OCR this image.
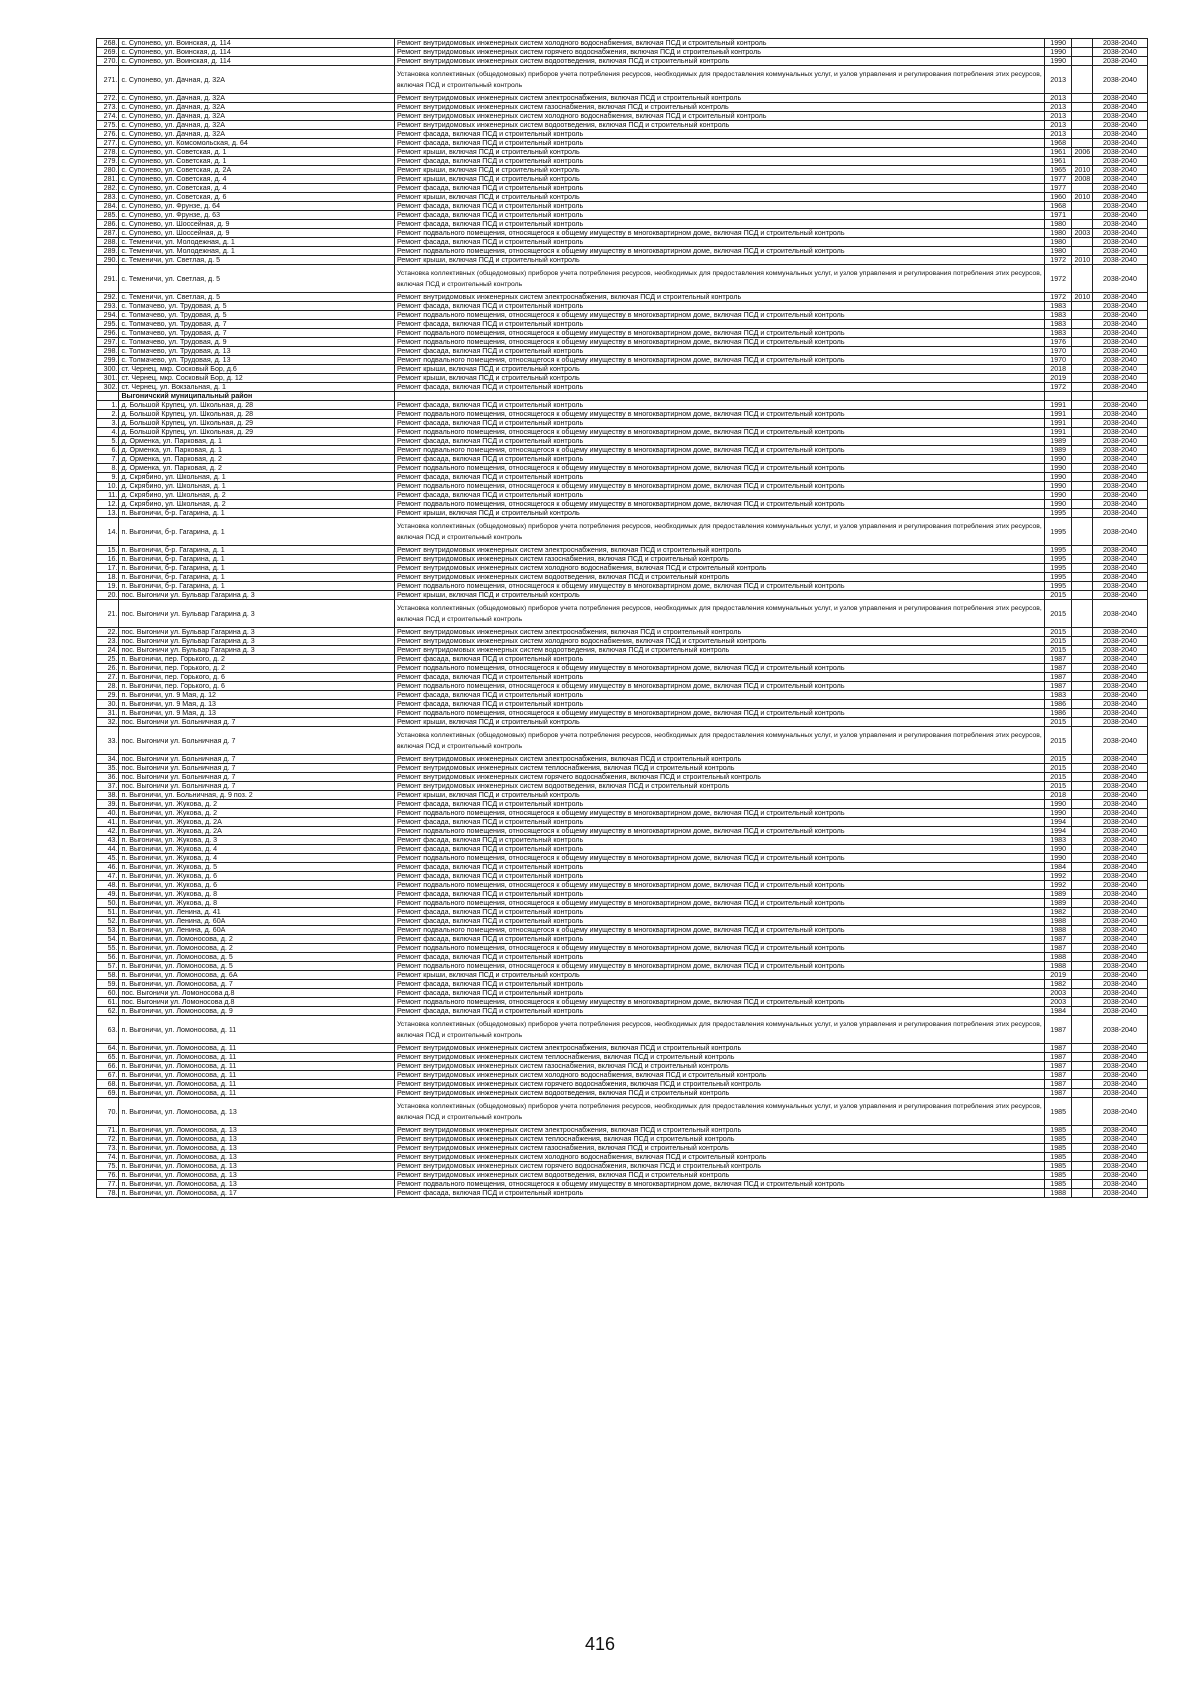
268.	с. Супонево, ул. Воинская, д. 114	Ремонт внутридомовых инженерных систем холодного водоснабжения, включая ПСД и строительный контроль	1990		2038-2040
269.	с. Супонево, ул. Воинская, д. 114	Ремонт внутридомовых инженерных систем горячего водоснабжения, включая ПСД и строительный контроль	1990		2038-2040
270.	с. Супонево, ул. Воинская, д. 114	Ремонт внутридомовых инженерных систем водоотведения, включая ПСД и строительный контроль	1990		2038-2040
271.	с. Супонево, ул. Дачная, д. 32А	Установка коллективных (общедомовых) приборов учета потребления ресурсов, необходимых для предоставления коммунальных услуг, и узлов управления и регулирования потребления этих ресурсов, включая ПСД и строительный контроль	2013		2038-2040
272.	с. Супонево, ул. Дачная, д. 32А	Ремонт внутридомовых инженерных систем электроснабжения, включая ПСД и строительный контроль	2013		2038-2040
273.	с. Супонево, ул. Дачная, д. 32А	Ремонт внутридомовых инженерных систем газоснабжения, включая ПСД и строительный контроль	2013		2038-2040
274.	с. Супонево, ул. Дачная, д. 32А	Ремонт внутридомовых инженерных систем холодного водоснабжения, включая ПСД и строительный контроль	2013		2038-2040
275.	с. Супонево, ул. Дачная, д. 32А	Ремонт внутридомовых инженерных систем водоотведения, включая ПСД и строительный контроль	2013		2038-2040
276.	с. Супонево, ул. Дачная, д. 32А	Ремонт фасада, включая ПСД и строительный контроль	2013		2038-2040
277.	с. Супонево, ул. Комсомольская, д. 64	Ремонт фасада, включая ПСД и строительный контроль	1968		2038-2040
278.	с. Супонево, ул. Советская, д. 1	Ремонт крыши, включая ПСД и строительный контроль	1961	2006	2038-2040
279.	с. Супонево, ул. Советская, д. 1	Ремонт фасада, включая ПСД и строительный контроль	1961		2038-2040
280.	с. Супонево, ул. Советская, д. 2А	Ремонт крыши, включая ПСД и строительный контроль	1965	2010	2038-2040
281.	с. Супонево, ул. Советская, д. 4	Ремонт крыши, включая ПСД и строительный контроль	1977	2008	2038-2040
282.	с. Супонево, ул. Советская, д. 4	Ремонт фасада, включая ПСД и строительный контроль	1977		2038-2040
283.	с. Супонево, ул. Советская, д. 6	Ремонт крыши, включая ПСД и строительный контроль	1960	2010	2038-2040
284.	с. Супонево, ул. Фрунзе, д. 64	Ремонт фасада, включая ПСД и строительный контроль	1968		2038-2040
285.	с. Супонево, ул. Фрунзе, д. 63	Ремонт фасада, включая ПСД и строительный контроль	1971		2038-2040
286.	с. Супонево, ул. Шоссейная, д. 9	Ремонт фасада, включая ПСД и строительный контроль	1980		2038-2040
287.	с. Супонево, ул. Шоссейная, д. 9	Ремонт подвального помещения, относящегося к общему имуществу в многоквартирном доме, включая ПСД и строительный контроль	1980	2003	2038-2040
288.	с. Теменичи, ул. Молодежная, д. 1	Ремонт фасада, включая ПСД и строительный контроль	1980		2038-2040
289.	с. Теменичи, ул. Молодежная, д. 1	Ремонт подвального помещения, относящегося к общему имуществу в многоквартирном доме, включая ПСД и строительный контроль	1980		2038-2040
290.	с. Теменичи, ул. Светлая, д. 5	Ремонт крыши, включая ПСД и строительный контроль	1972	2010	2038-2040
291.	с. Теменичи, ул. Светлая, д. 5	Установка коллективных (общедомовых) приборов учета потребления ресурсов, необходимых для предоставления коммунальных услуг, и узлов управления и регулирования потребления этих ресурсов, включая ПСД и строительный контроль	1972		2038-2040
292.	с. Теменичи, ул. Светлая, д. 5	Ремонт внутридомовых инженерных систем электроснабжения, включая ПСД и строительный контроль	1972	2010	2038-2040
293.	с. Толмачево, ул. Трудовая, д. 5	Ремонт фасада, включая ПСД и строительный контроль	1983		2038-2040
294.	с. Толмачево, ул. Трудовая, д. 5	Ремонт подвального помещения, относящегося к общему имуществу в многоквартирном доме, включая ПСД и строительный контроль	1983		2038-2040
295.	с. Толмачево, ул. Трудовая, д. 7	Ремонт фасада, включая ПСД и строительный контроль	1983		2038-2040
296.	с. Толмачево, ул. Трудовая, д. 7	Ремонт подвального помещения, относящегося к общему имуществу в многоквартирном доме, включая ПСД и строительный контроль	1983		2038-2040
297.	с. Толмачево, ул. Трудовая, д. 9	Ремонт подвального помещения, относящегося к общему имуществу в многоквартирном доме, включая ПСД и строительный контроль	1976		2038-2040
298.	с. Толмачево, ул. Трудовая, д. 13	Ремонт фасада, включая ПСД и строительный контроль	1970		2038-2040
299.	с. Толмачево, ул. Трудовая, д. 13	Ремонт подвального помещения, относящегося к общему имуществу в многоквартирном доме, включая ПСД и строительный контроль	1970		2038-2040
300.	ст. Чернец, мкр. Сосковый Бор, д.6	Ремонт крыши, включая ПСД и строительный контроль	2018		2038-2040
301.	ст. Чернец, мкр. Сосковый Бор, д. 12	Ремонт крыши, включая ПСД и строительный контроль	2019		2038-2040
302.	ст. Чернец, ул. Вокзальная, д. 1	Ремонт фасада, включая ПСД и строительный контроль	1972		2038-2040
	Выгоничский муниципальный район				
1.	д. Большой Крупец, ул. Школьная, д. 28	Ремонт фасада, включая ПСД и строительный контроль	1991		2038-2040
2.	д. Большой Крупец, ул. Школьная, д. 28	Ремонт подвального помещения, относящегося к общему имуществу в многоквартирном доме, включая ПСД и строительный контроль	1991		2038-2040
3.	д. Большой Крупец, ул. Школьная, д. 29	Ремонт фасада, включая ПСД и строительный контроль	1991		2038-2040
4.	д. Большой Крупец, ул. Школьная, д. 29	Ремонт подвального помещения, относящегося к общему имуществу в многоквартирном доме, включая ПСД и строительный контроль	1991		2038-2040
5.	д. Орменка, ул. Парковая, д. 1	Ремонт фасада, включая ПСД и строительный контроль	1989		2038-2040
6.	д. Орменка, ул. Парковая, д. 1	Ремонт подвального помещения, относящегося к общему имуществу в многоквартирном доме, включая ПСД и строительный контроль	1989		2038-2040
7.	д. Орменка, ул. Парковая, д. 2	Ремонт фасада, включая ПСД и строительный контроль	1990		2038-2040
8.	д. Орменка, ул. Парковая, д. 2	Ремонт подвального помещения, относящегося к общему имуществу в многоквартирном доме, включая ПСД и строительный контроль	1990		2038-2040
9.	д. Скрябино, ул. Школьная, д. 1	Ремонт фасада, включая ПСД и строительный контроль	1990		2038-2040
10.	д. Скрябино, ул. Школьная, д. 1	Ремонт подвального помещения, относящегося к общему имуществу в многоквартирном доме, включая ПСД и строительный контроль	1990		2038-2040
11.	д. Скрябино, ул. Школьная, д. 2	Ремонт фасада, включая ПСД и строительный контроль	1990		2038-2040
12.	д. Скрябино, ул. Школьная, д. 2	Ремонт подвального помещения, относящегося к общему имуществу в многоквартирном доме, включая ПСД и строительный контроль	1990		2038-2040
13.	п. Выгоничи, б-р. Гагарина, д. 1	Ремонт крыши, включая ПСД и строительный контроль	1995		2038-2040
14.	п. Выгоничи, б-р. Гагарина, д. 1	Установка коллективных (общедомовых) приборов учета потребления ресурсов, необходимых для предоставления коммунальных услуг, и узлов управления и регулирования потребления этих ресурсов, включая ПСД и строительный контроль	1995		2038-2040
15.	п. Выгоничи, б-р. Гагарина, д. 1	Ремонт внутридомовых инженерных систем электроснабжения, включая ПСД и строительный контроль	1995		2038-2040
16.	п. Выгоничи, б-р. Гагарина, д. 1	Ремонт внутридомовых инженерных систем газоснабжения, включая ПСД и строительный контроль	1995		2038-2040
17.	п. Выгоничи, б-р. Гагарина, д. 1	Ремонт внутридомовых инженерных систем холодного водоснабжения, включая ПСД и строительный контроль	1995		2038-2040
18.	п. Выгоничи, б-р. Гагарина, д. 1	Ремонт внутридомовых инженерных систем водоотведения, включая ПСД и строительный контроль	1995		2038-2040
19.	п. Выгоничи, б-р. Гагарина, д. 1	Ремонт подвального помещения, относящегося к общему имуществу в многоквартирном доме, включая ПСД и строительный контроль	1995		2038-2040
20.	пос. Выгоничи ул. Бульвар Гагарина д. 3	Ремонт крыши, включая ПСД и строительный контроль	2015		2038-2040
21.	пос. Выгоничи ул. Бульвар Гагарина д. 3	Установка коллективных (общедомовых) приборов учета потребления ресурсов, необходимых для предоставления коммунальных услуг, и узлов управления и регулирования потребления этих ресурсов, включая ПСД и строительный контроль	2015		2038-2040
22.	пос. Выгоничи ул. Бульвар Гагарина д. 3	Ремонт внутридомовых инженерных систем электроснабжения, включая ПСД и строительный контроль	2015		2038-2040
23.	пос. Выгоничи ул. Бульвар Гагарина д. 3	Ремонт внутридомовых инженерных систем холодного водоснабжения, включая ПСД и строительный контроль	2015		2038-2040
24.	пос. Выгоничи ул. Бульвар Гагарина д. 3	Ремонт внутридомовых инженерных систем водоотведения, включая ПСД и строительный контроль	2015		2038-2040
25.	п. Выгоничи, пер. Горького, д. 2	Ремонт фасада, включая ПСД и строительный контроль	1987		2038-2040
26.	п. Выгоничи, пер. Горького, д. 2	Ремонт подвального помещения, относящегося к общему имуществу в многоквартирном доме, включая ПСД и строительный контроль	1987		2038-2040
27.	п. Выгоничи, пер. Горького, д. 6	Ремонт фасада, включая ПСД и строительный контроль	1987		2038-2040
28.	п. Выгоничи, пер. Горького, д. 6	Ремонт подвального помещения, относящегося к общему имуществу в многоквартирном доме, включая ПСД и строительный контроль	1987		2038-2040
29.	п. Выгоничи, ул. 9 Мая, д. 12	Ремонт фасада, включая ПСД и строительный контроль	1983		2038-2040
30.	п. Выгоничи, ул. 9 Мая, д. 13	Ремонт фасада, включая ПСД и строительный контроль	1986		2038-2040
31.	п. Выгоничи, ул. 9 Мая, д. 13	Ремонт подвального помещения, относящегося к общему имуществу в многоквартирном доме, включая ПСД и строительный контроль	1986		2038-2040
32.	пос. Выгоничи ул. Больничная д. 7	Ремонт крыши, включая ПСД и строительный контроль	2015		2038-2040
33.	пос. Выгоничи ул. Больничная д. 7	Установка коллективных (общедомовых) приборов учета потребления ресурсов, необходимых для предоставления коммунальных услуг, и узлов управления и регулирования потребления этих ресурсов, включая ПСД и строительный контроль	2015		2038-2040
34.	пос. Выгоничи ул. Больничная д. 7	Ремонт внутридомовых инженерных систем электроснабжения, включая ПСД и строительный контроль	2015		2038-2040
35.	пос. Выгоничи ул. Больничная д. 7	Ремонт внутридомовых инженерных систем теплоснабжения, включая ПСД и строительный контроль	2015		2038-2040
36.	пос. Выгоничи ул. Больничная д. 7	Ремонт внутридомовых инженерных систем горячего водоснабжения, включая ПСД и строительный контроль	2015		2038-2040
37.	пос. Выгоничи ул. Больничная д. 7	Ремонт внутридомовых инженерных систем водоотведения, включая ПСД и строительный контроль	2015		2038-2040
38.	п. Выгоничи, ул. Больничная, д. 9 поз. 2	Ремонт крыши, включая ПСД и строительный контроль	2018		2038-2040
39.	п. Выгоничи, ул. Жукова, д. 2	Ремонт фасада, включая ПСД и строительный контроль	1990		2038-2040
40.	п. Выгоничи, ул. Жукова, д. 2	Ремонт подвального помещения, относящегося к общему имуществу в многоквартирном доме, включая ПСД и строительный контроль	1990		2038-2040
41.	п. Выгоничи, ул. Жукова, д. 2А	Ремонт фасада, включая ПСД и строительный контроль	1994		2038-2040
42.	п. Выгоничи, ул. Жукова, д. 2А	Ремонт подвального помещения, относящегося к общему имуществу в многоквартирном доме, включая ПСД и строительный контроль	1994		2038-2040
43.	п. Выгоничи, ул. Жукова, д. 3	Ремонт фасада, включая ПСД и строительный контроль	1983		2038-2040
44.	п. Выгоничи, ул. Жукова, д. 4	Ремонт фасада, включая ПСД и строительный контроль	1990		2038-2040
45.	п. Выгоничи, ул. Жукова, д. 4	Ремонт подвального помещения, относящегося к общему имуществу в многоквартирном доме, включая ПСД и строительный контроль	1990		2038-2040
46.	п. Выгоничи, ул. Жукова, д. 5	Ремонт фасада, включая ПСД и строительный контроль	1984		2038-2040
47.	п. Выгоничи, ул. Жукова, д. 6	Ремонт фасада, включая ПСД и строительный контроль	1992		2038-2040
48.	п. Выгоничи, ул. Жукова, д. 6	Ремонт подвального помещения, относящегося к общему имуществу в многоквартирном доме, включая ПСД и строительный контроль	1992		2038-2040
49.	п. Выгоничи, ул. Жукова, д. 8	Ремонт фасада, включая ПСД и строительный контроль	1989		2038-2040
50.	п. Выгоничи, ул. Жукова, д. 8	Ремонт подвального помещения, относящегося к общему имуществу в многоквартирном доме, включая ПСД и строительный контроль	1989		2038-2040
51.	п. Выгоничи, ул. Ленина, д. 41	Ремонт фасада, включая ПСД и строительный контроль	1982		2038-2040
52.	п. Выгоничи, ул. Ленина, д. 60А	Ремонт фасада, включая ПСД и строительный контроль	1988		2038-2040
53.	п. Выгоничи, ул. Ленина, д. 60А	Ремонт подвального помещения, относящегося к общему имуществу в многоквартирном доме, включая ПСД и строительный контроль	1988		2038-2040
54.	п. Выгоничи, ул. Ломоносова, д. 2	Ремонт фасада, включая ПСД и строительный контроль	1987		2038-2040
55.	п. Выгоничи, ул. Ломоносова, д. 2	Ремонт подвального помещения, относящегося к общему имуществу в многоквартирном доме, включая ПСД и строительный контроль	1987		2038-2040
56.	п. Выгоничи, ул. Ломоносова, д. 5	Ремонт фасада, включая ПСД и строительный контроль	1988		2038-2040
57.	п. Выгоничи, ул. Ломоносова, д. 5	Ремонт подвального помещения, относящегося к общему имуществу в многоквартирном доме, включая ПСД и строительный контроль	1988		2038-2040
58.	п. Выгоничи, ул. Ломоносова, д. 6А	Ремонт крыши, включая ПСД и строительный контроль	2019		2038-2040
59.	п. Выгоничи, ул. Ломоносова, д. 7	Ремонт фасада, включая ПСД и строительный контроль	1982		2038-2040
60.	пос. Выгоничи ул. Ломоносова д.8	Ремонт фасада, включая ПСД и строительный контроль	2003		2038-2040
61.	пос. Выгоничи ул. Ломоносова д.8	Ремонт подвального помещения, относящегося к общему имуществу в многоквартирном доме, включая ПСД и строительный контроль	2003		2038-2040
62.	п. Выгоничи, ул. Ломоносова, д. 9	Ремонт фасада, включая ПСД и строительный контроль	1984		2038-2040
63.	п. Выгоничи, ул. Ломоносова, д. 11	Установка коллективных (общедомовых) приборов учета потребления ресурсов, необходимых для предоставления коммунальных услуг, и узлов управления и регулирования потребления этих ресурсов, включая ПСД и строительный контроль	1987		2038-2040
64.	п. Выгоничи, ул. Ломоносова, д. 11	Ремонт внутридомовых инженерных систем электроснабжения, включая ПСД и строительный контроль	1987		2038-2040
65.	п. Выгоничи, ул. Ломоносова, д. 11	Ремонт внутридомовых инженерных систем теплоснабжения, включая ПСД и строительный контроль	1987		2038-2040
66.	п. Выгоничи, ул. Ломоносова, д. 11	Ремонт внутридомовых инженерных систем газоснабжения, включая ПСД и строительный контроль	1987		2038-2040
67.	п. Выгоничи, ул. Ломоносова, д. 11	Ремонт внутридомовых инженерных систем холодного водоснабжения, включая ПСД и строительный контроль	1987		2038-2040
68.	п. Выгоничи, ул. Ломоносова, д. 11	Ремонт внутридомовых инженерных систем горячего водоснабжения, включая ПСД и строительный контроль	1987		2038-2040
69.	п. Выгоничи, ул. Ломоносова, д. 11	Ремонт внутридомовых инженерных систем водоотведения, включая ПСД и строительный контроль	1987		2038-2040
70.	п. Выгоничи, ул. Ломоносова, д. 13	Установка коллективных (общедомовых) приборов учета потребления ресурсов, необходимых для предоставления коммунальных услуг, и узлов управления и регулирования потребления этих ресурсов, включая ПСД и строительный контроль	1985		2038-2040
71.	п. Выгоничи, ул. Ломоносова, д. 13	Ремонт внутридомовых инженерных систем электроснабжения, включая ПСД и строительный контроль	1985		2038-2040
72.	п. Выгоничи, ул. Ломоносова, д. 13	Ремонт внутридомовых инженерных систем теплоснабжения, включая ПСД и строительный контроль	1985		2038-2040
73.	п. Выгоничи, ул. Ломоносова, д. 13	Ремонт внутридомовых инженерных систем газоснабжения, включая ПСД и строительный контроль	1985		2038-2040
74.	п. Выгоничи, ул. Ломоносова, д. 13	Ремонт внутридомовых инженерных систем холодного водоснабжения, включая ПСД и строительный контроль	1985		2038-2040
75.	п. Выгоничи, ул. Ломоносова, д. 13	Ремонт внутридомовых инженерных систем горячего водоснабжения, включая ПСД и строительный контроль	1985		2038-2040
76.	п. Выгоничи, ул. Ломоносова, д. 13	Ремонт внутридомовых инженерных систем водоотведения, включая ПСД и строительный контроль	1985		2038-2040
77.	п. Выгоничи, ул. Ломоносова, д. 13	Ремонт подвального помещения, относящегося к общему имуществу в многоквартирном доме, включая ПСД и строительный контроль	1985		2038-2040
78.	п. Выгоничи, ул. Ломоносова, д. 17	Ремонт фасада, включая ПСД и строительный контроль	1988		2038-2040
416
